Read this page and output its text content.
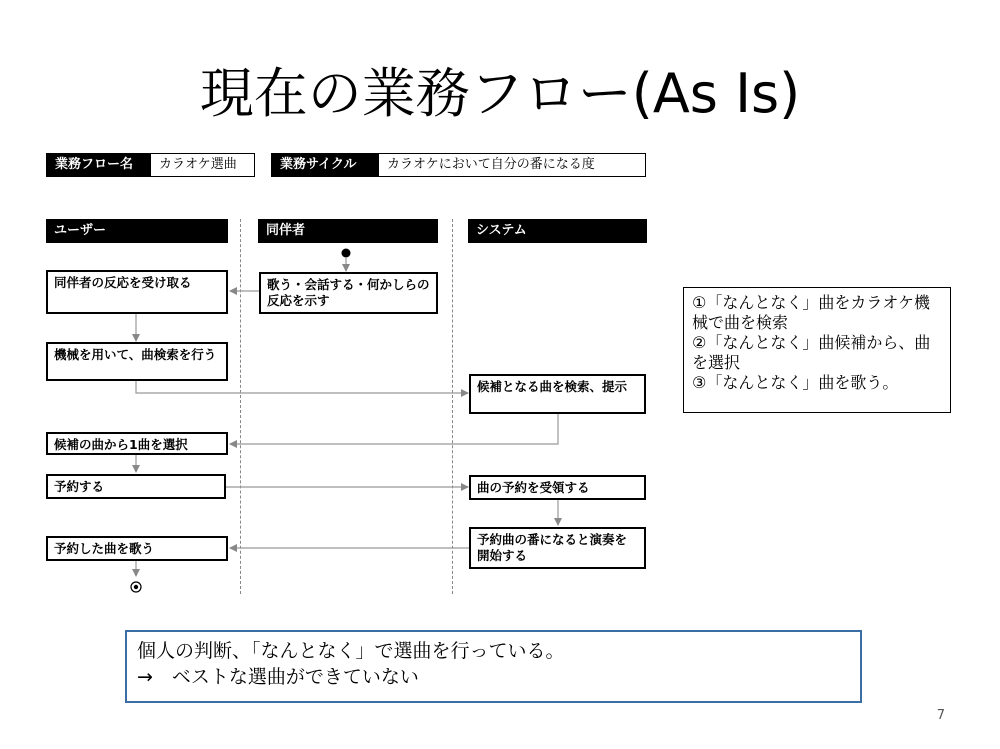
現在の業務フロー(As Is)
業務フロー名	カラオケ選曲	業務サイクル	カラオケにおいて自分の番になる度
ユーザー	同伴者	システム
同伴者の反応を受け取る
機械を用いて、曲検索を行う
候補の曲から1曲を選択
予約する
予約した曲を歌う
歌う・会話する・何かしらの反応を示す
候補となる曲を検索、提示
曲の予約を受領する
予約曲の番になると演奏を開始する
①「なんとなく」曲をカラオケ機
械で曲を検索
②「なんとなく」曲候補から、曲
を選択
③「なんとなく」曲を歌う。
個人の判断、「なんとなく」で選曲を行っている。
→　ベストな選曲ができていない
7
